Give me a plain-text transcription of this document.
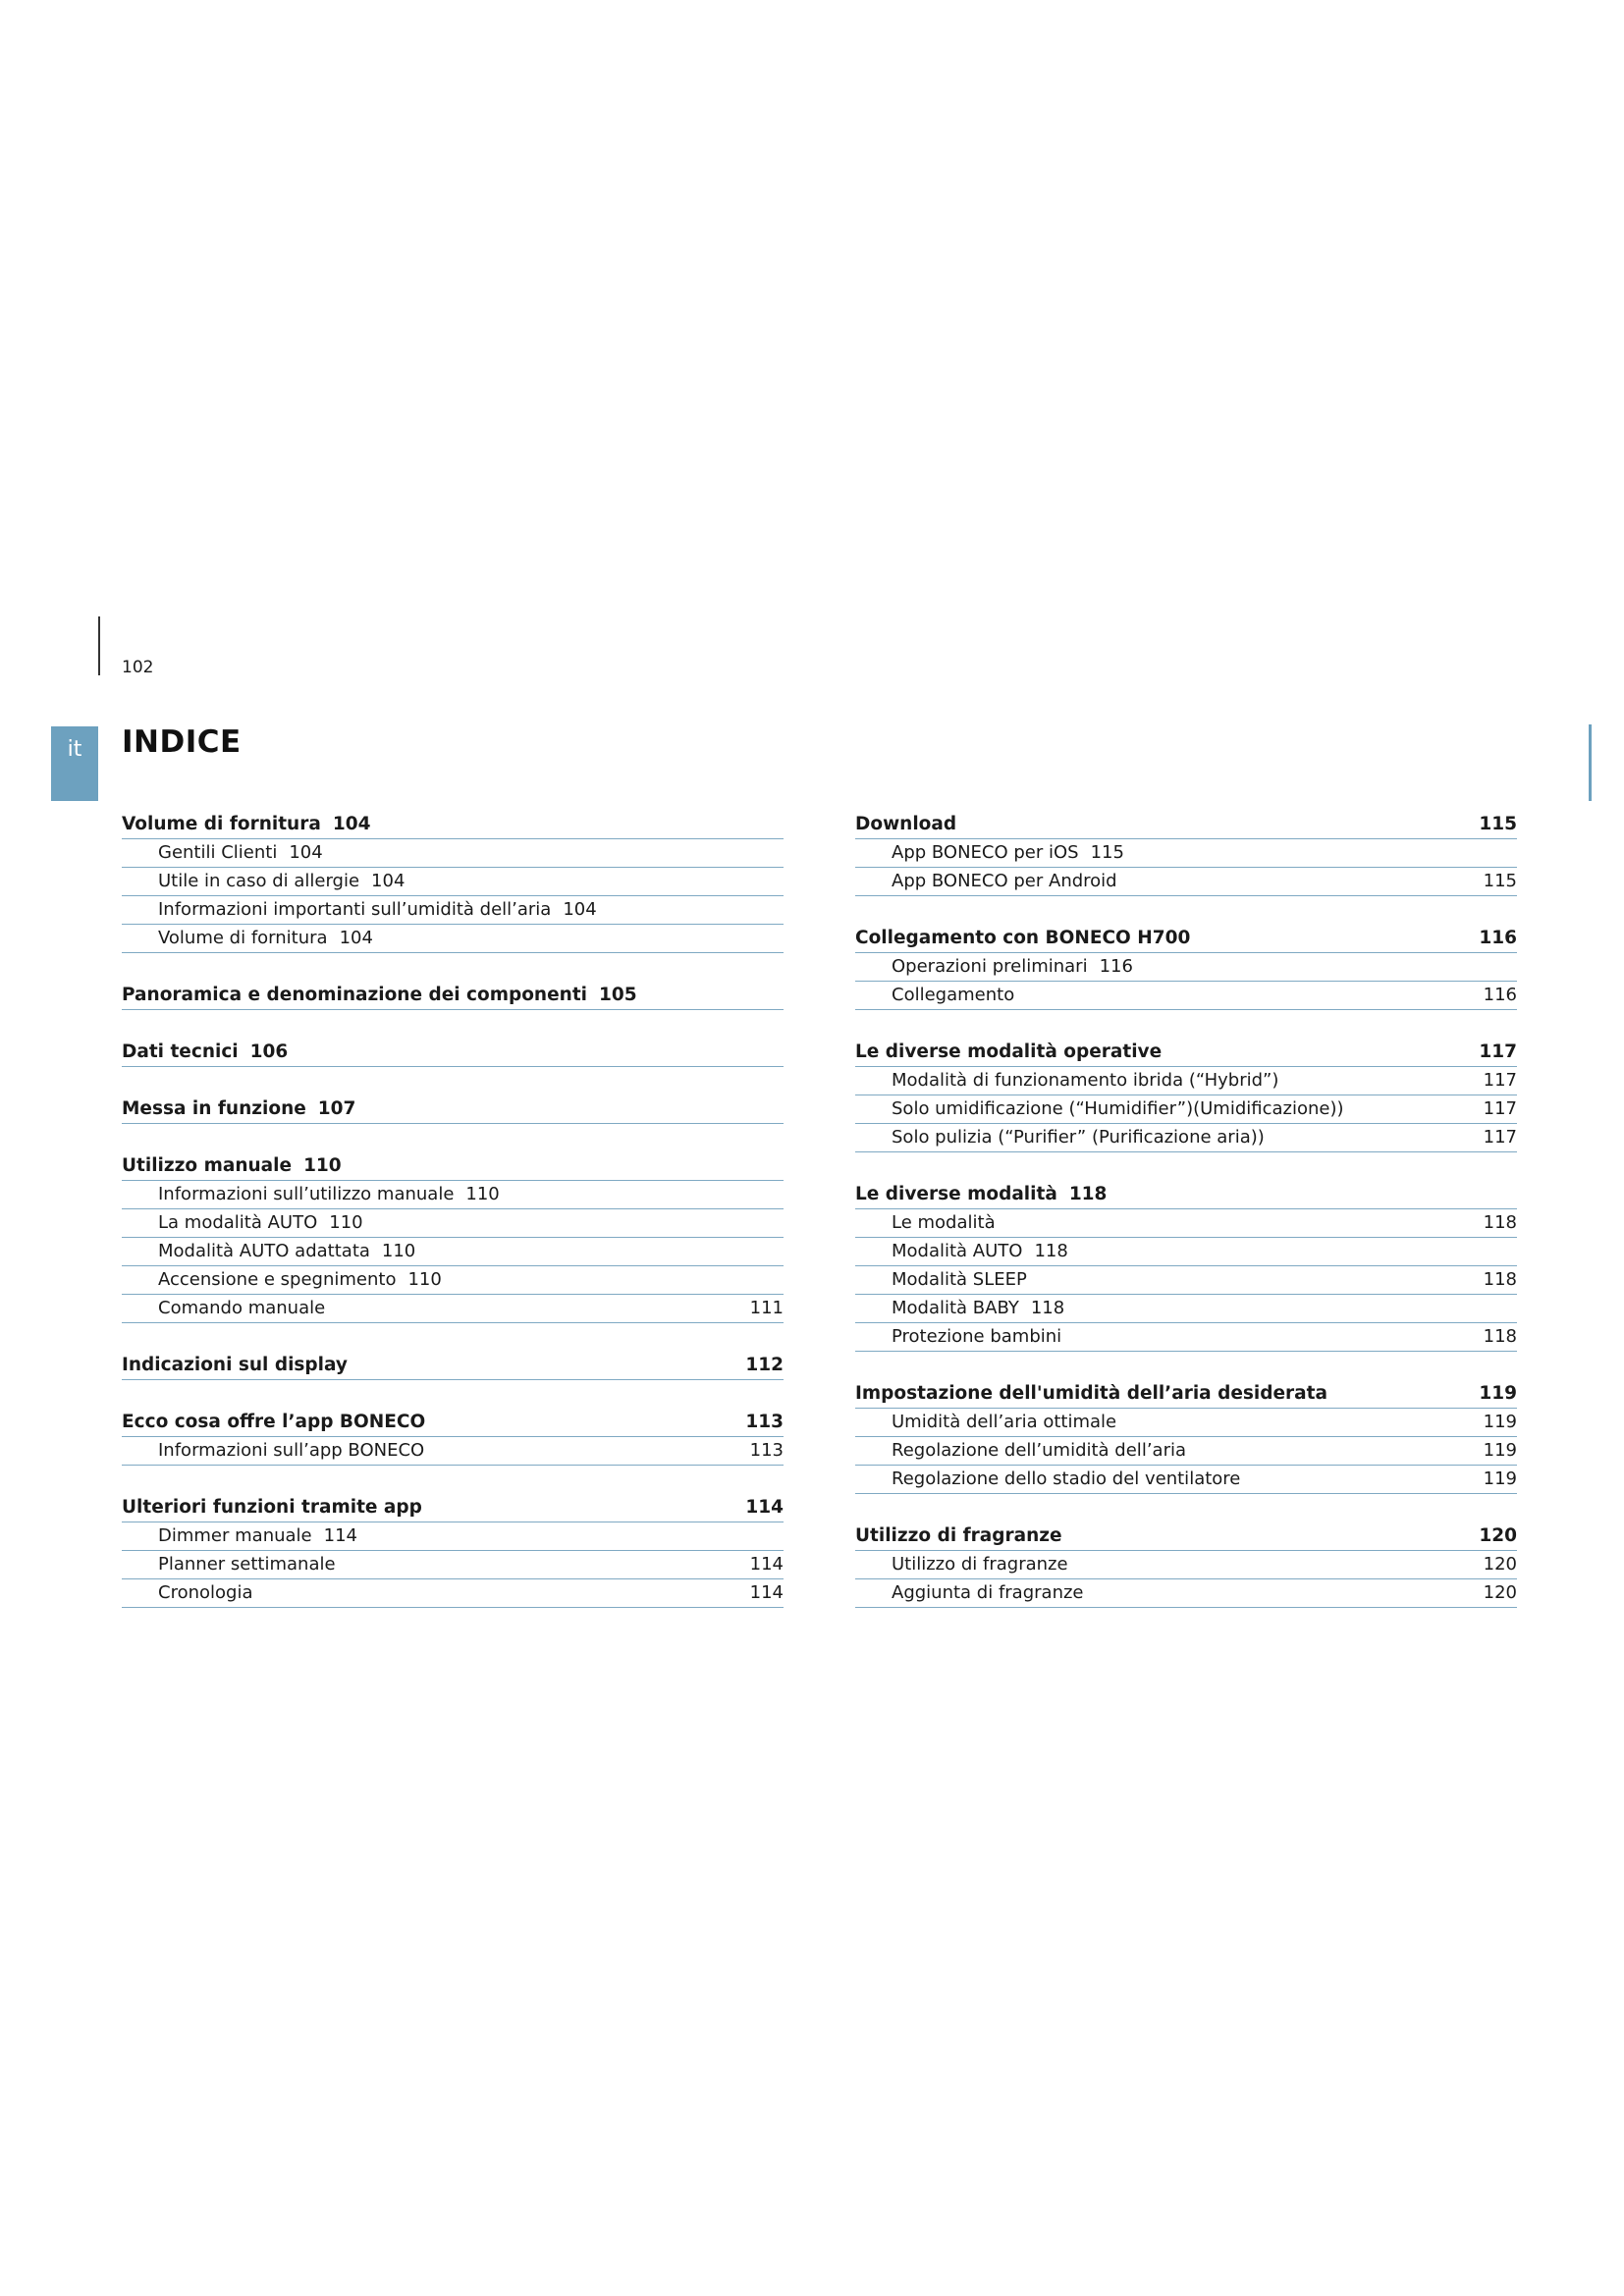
102
it	INDICE
Volume di fornitura 104
Gentili Clienti 104
Utile in caso di allergie 104
Informazioni importanti sull’umidità dell’aria 104
Volume di fornitura 104
Panoramica e denominazione dei componenti 105
Dati tecnici 106
Messa in funzione 107
Utilizzo manuale 110
Informazioni sull’utilizzo manuale 110
La modalità AUTO 110
Modalità AUTO adattata 110
Accensione e spegnimento 110
Comando manuale	111
Indicazioni sul display	112
Ecco cosa offre l’app BONECO	113
Informazioni sull’app BONECO	113
Ulteriori funzioni tramite app	114
Dimmer manuale 114
Planner settimanale	114
Cronologia	114
Download	115
App BONECO per iOS 115
App BONECO per Android	115
Collegamento con BONECO H700	116
Operazioni preliminari 116
Collegamento	116
Le diverse modalità operative	117
Modalità di funzionamento ibrida (“Hybrid”)	117
Solo umidificazione (“Humidifier”)(Umidificazione))	117
Solo pulizia (“Purifier” (Purificazione aria))	117
Le diverse modalità 118
Le modalità	118
Modalità AUTO 118
Modalità SLEEP	118
Modalità BABY 118
Protezione bambini	118
Impostazione dell'umidità dell’aria desiderata	119
Umidità dell’aria ottimale	119
Regolazione dell’umidità dell’aria	119
Regolazione dello stadio del ventilatore	119
Utilizzo di fragranze	120
Utilizzo di fragranze	120
Aggiunta di fragranze	120
